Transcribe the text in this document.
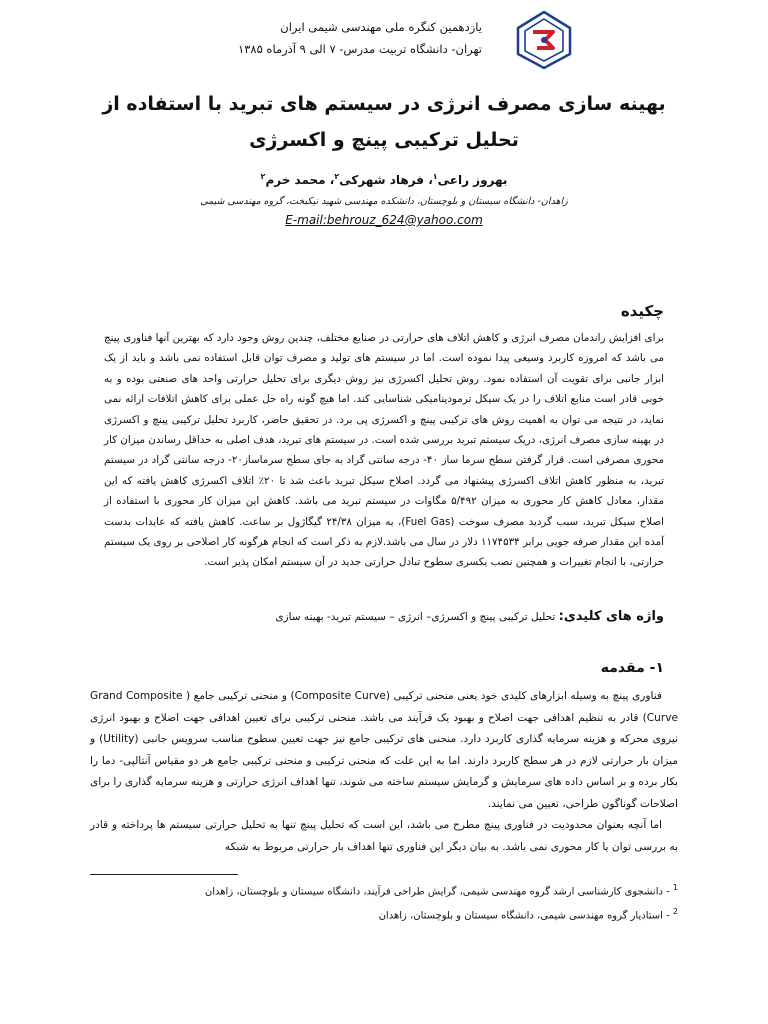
یازدهمین کنگره ملی مهندسی شیمی ایران
تهران- دانشگاه تربیت مدرس- ۷ الی ۹ آذرماه ۱۳۸۵
بهینه سازی مصرف انرژی در سیستم های تبرید با استفاده از
تحلیل ترکیبی پینچ و اکسرژی
بهروز راعی$^۱$، فرهاد شهرکی$^۲$، محمد خرم$^۲$
زاهدان- دانشگاه سیستان و بلوچستان، دانشکده مهندسی شهید نیکبخت، گروه مهندسی شیمی
E-mail:behrouz_624@yahoo.com
چکیده
برای افزایش راندمان مصرف انرژی و کاهش اتلاف های حرارتی در صنایع مختلف، چندین روش وجود دارد که بهترین آنها فناوری پینچ می باشد که امروزه کاربرد وسیعی پیدا نموده است. اما در سیستم های تولید و مصرف توان قابل استفاده نمی باشد و باید از یک ابزار جانبی برای تقویت آن استفاده نمود. روش تحلیل اکسرژی نیز روش دیگری برای تحلیل حرارتی واحد های صنعتی بوده و به خوبی قادر است منابع اتلاف را در یک سیکل ترمودینامیکی شناسایی کند. اما هیچ گونه راه حل عملی برای کاهش اتلافات ارائه نمی نماید، در نتیجه می توان به اهمیت روش های ترکیبی پینچ و اکسرژی پی برد. در تحقیق حاضر، کاربرد تحلیل ترکیبی پینچ و اکسرژی در بهینه سازی مصرف انرژی، دریک سیستم تبرید بررسی شده است. در سیستم های تبرید، هدف اصلی به حداقل رساندن میزان کار محوری مصرفی است. قرار گرفتن سطح سرما ساز ۴۰- درجه سانتی گراد به جای سطح سرماساز۲۰- درجه سانتی گراد در سیستم تبرید، به منظور کاهش اتلاف اکسرژی پیشنهاد می گردد. اصلاح سیکل تبرید باعث شد تا ۲۰٪ اتلاف اکسرژی کاهش یافته که این مقدار، معادل کاهش کار محوری به میزان ۵/۴۹۲ مگاوات در سیستم تبرید می باشد. کاهش این میزان کار محوری با استفاده از اصلاح سیکل تبرید، سبب گردید مصرف سوخت (Fuel Gas)، به میزان ۲۴/۳۸ گیگاژول بر ساعت. کاهش یافته که عایدات بدست آمده این مقدار صرفه جویی برابر ۱۱۷۴۵۳۴ دلار در سال می باشد.لازم به ذکر است که انجام هرگونه کار اصلاحی بر روی یک سیستم حرارتی، با انجام تغییرات و همچنین نصب یکسری سطوح تبادل حرارتی جدید در آن سیستم امکان پذیر است.
واژه های کلیدی: تحلیل ترکیبی پینچ و اکسرژی– انرژی – سیستم تبرید- بهینه سازی
۱- مقدمه

فناوری پینچ به وسیله ابزارهای کلیدی خود یعنی منحنی ترکیبی (Composite Curve) و منحنی ترکیبی جامع ( Grand Composite Curve) قادر به تنظیم اهدافی جهت اصلاح و بهبود یک فرآیند می باشد. منحنی ترکیبی برای تعیین اهدافی جهت اصلاح و بهبود انرژی نیروی محرکه و هزینه سرمایه گذاری کاربرد دارد. منحنی های ترکیبی جامع نیز جهت تعیین سطوح مناسب سرویس جانبی (Utility) و میزان بار حرارتی لازم در هر سطح کاربرد دارند. اما به این علت که منحنی ترکیبی و منحنی ترکیبی جامع هر دو مقیاس آنتالپی- دما را بکار برده و بر اساس داده های سرمایش و گرمایش سیستم ساخته می شوند، تنها اهداف انرژی حرارتی و هزینه سرمایه گذاری را برای اصلاحات گوناگون طراحی، تعیین می نمایند.

اما آنچه بعنوان محدودیت در فناوری پینچ مطرح می باشد، این است که تحلیل پینچ تنها به تحلیل حرارتی سیستم ها پرداخته و قادر به بررسی توان یا کار محوری نمی باشد. به بیان دیگر این فناوری تنها اهداف بار حرارتی مربوط به شبکه

$^1$ - دانشجوی کارشناسی ارشد گروه مهندسی شیمی، گرایش طراحی فرآیند، دانشگاه سیستان و بلوچستان، زاهدان
$^2$ - استادیار گروه مهندسی شیمی، دانشگاه سیستان و بلوچستان، زاهدان
